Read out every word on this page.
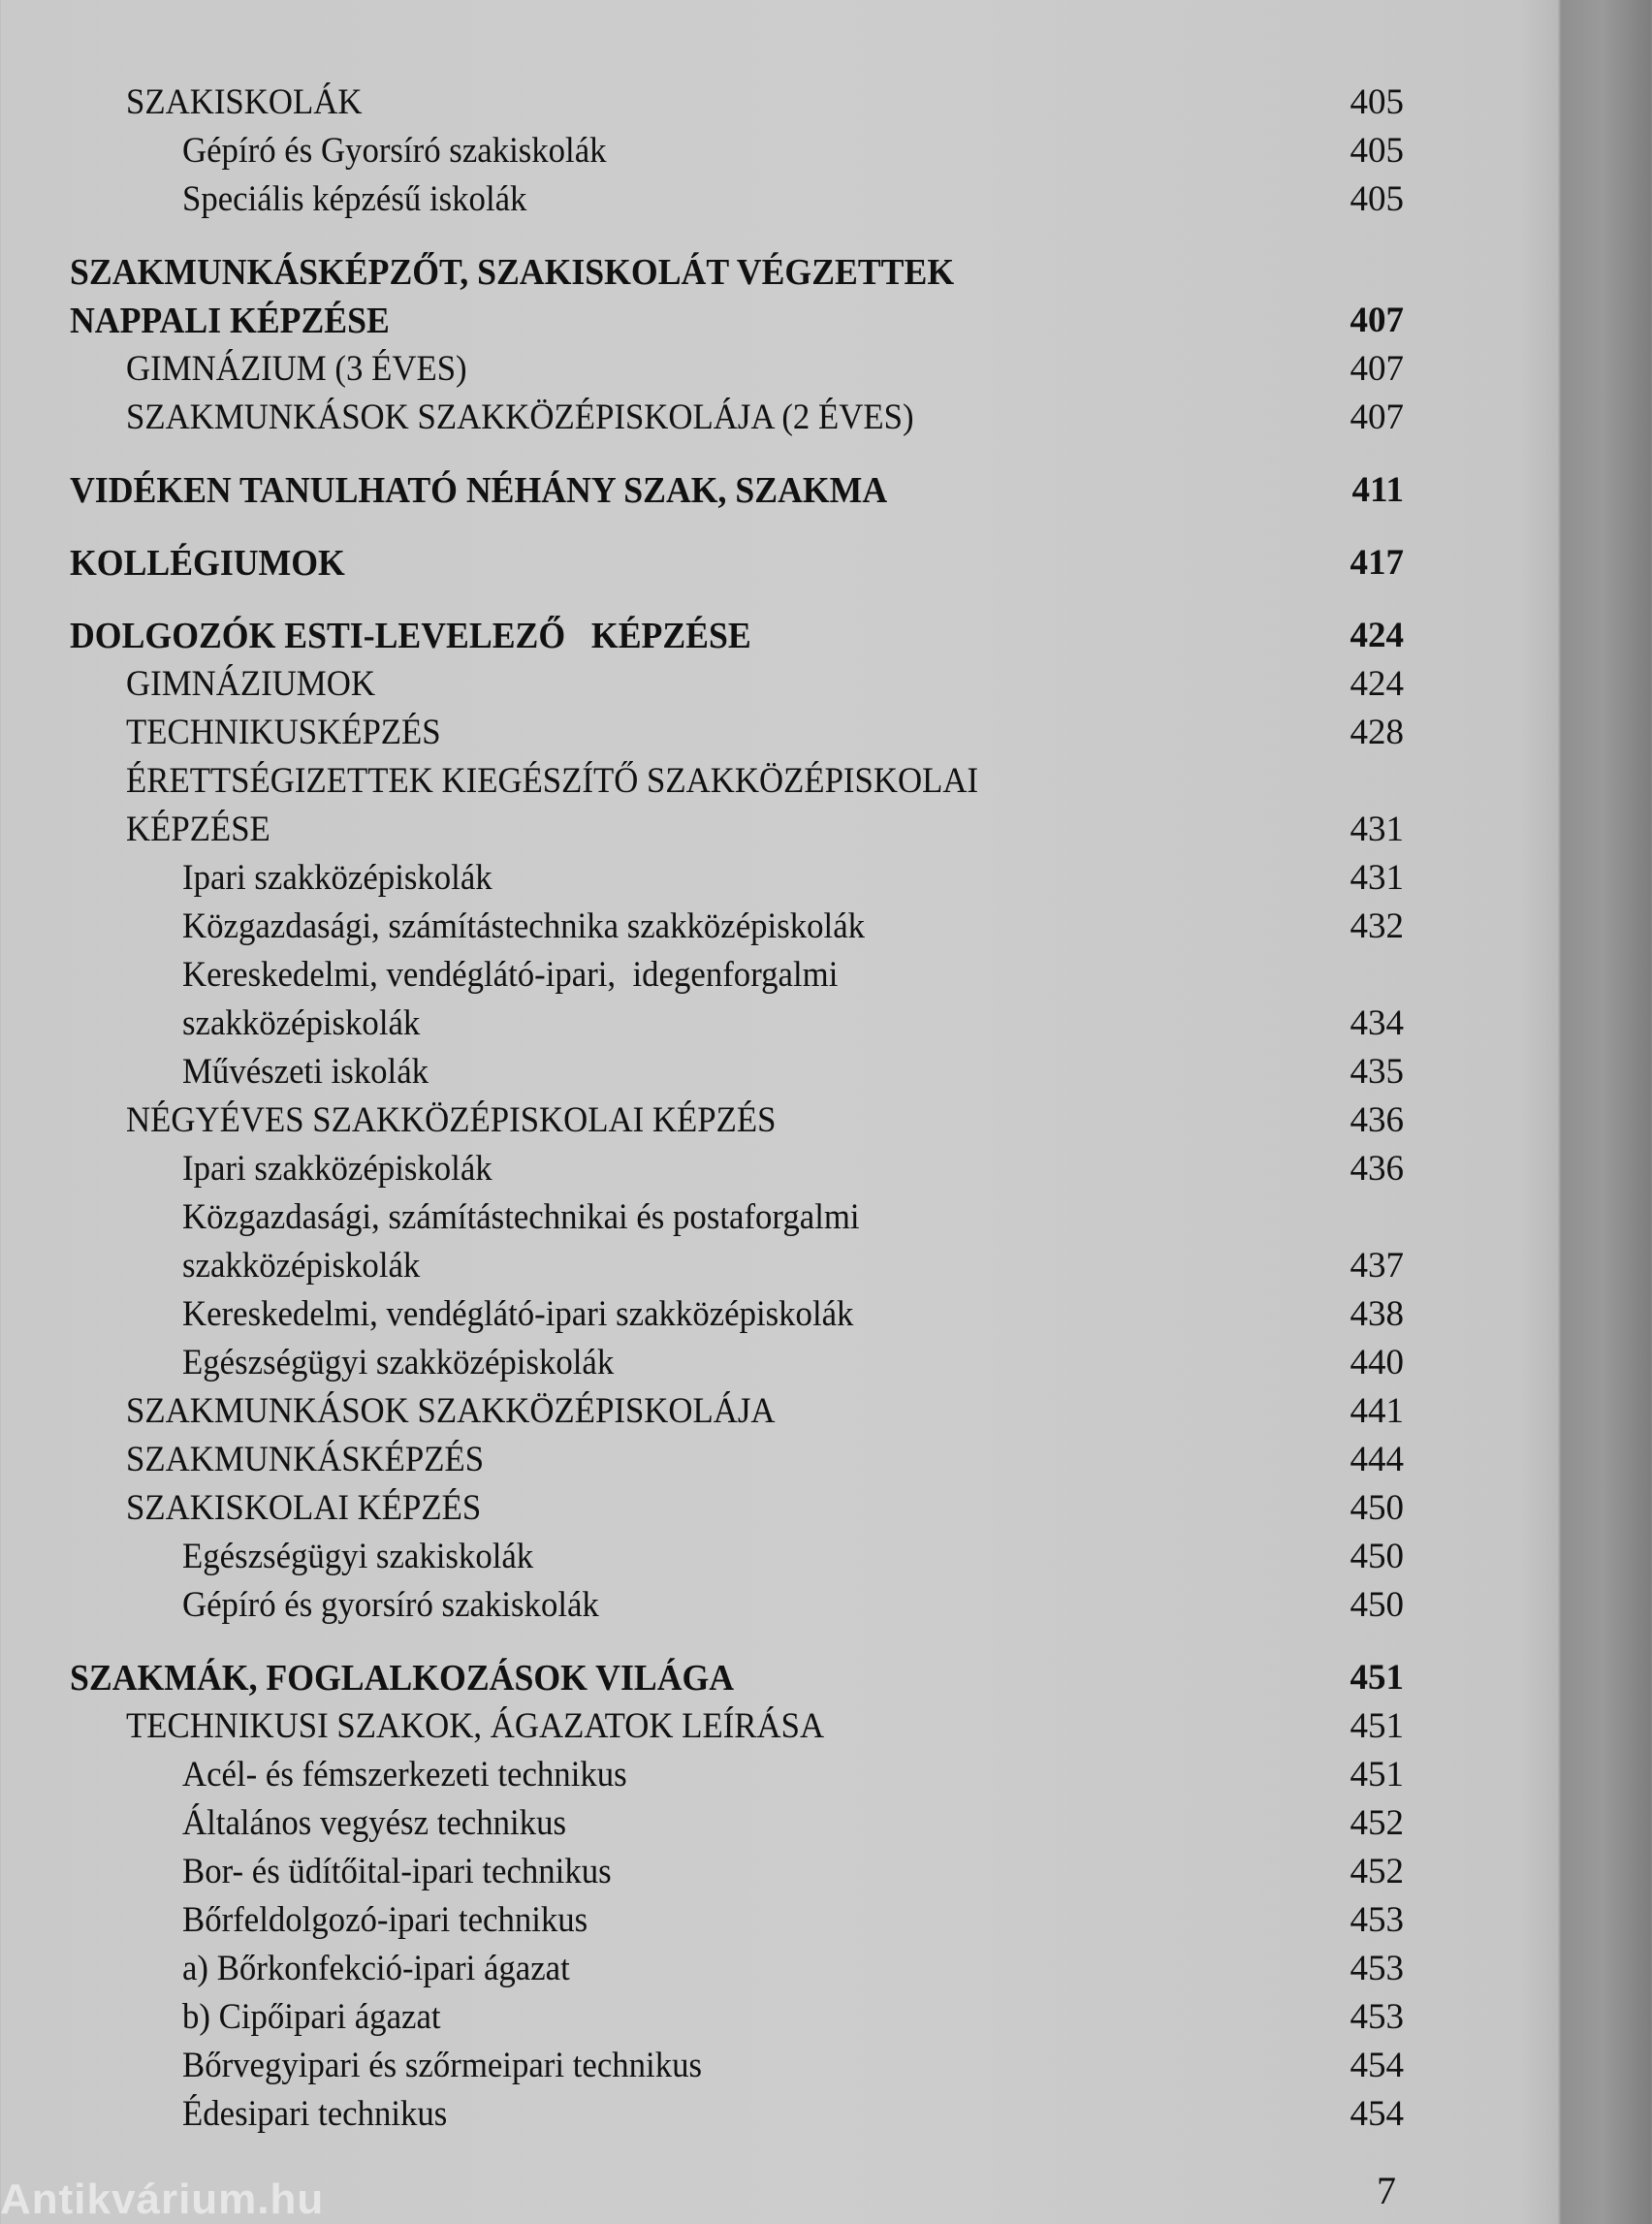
SZAKISKOLÁK	405
Gépíró és Gyorsíró szakiskolák	405
Speciális képzésű iskolák	405
SZAKMUNKÁSKÉPZŐT, SZAKISKOLÁT VÉGZETTEK
NAPPALI KÉPZÉSE	407
GIMNÁZIUM (3 ÉVES)	407
SZAKMUNKÁSOK SZAKKÖZÉPISKOLÁJA (2 ÉVES)	407
VIDÉKEN TANULHATÓ NÉHÁNY SZAK, SZAKMA	411
KOLLÉGIUMOK	417
DOLGOZÓK ESTI-LEVELEZŐ   KÉPZÉSE	424
GIMNÁZIUMOK	424
TECHNIKUSKÉPZÉS	428
ÉRETTSÉGIZETTEK KIEGÉSZÍTŐ SZAKKÖZÉPISKOLAI
KÉPZÉSE	431
Ipari szakközépiskolák	431
Közgazdasági, számítástechnika szakközépiskolák	432
Kereskedelmi, vendéglátó-ipari,  idegenforgalmi
szakközépiskolák	434
Művészeti iskolák	435
NÉGYÉVES SZAKKÖZÉPISKOLAI KÉPZÉS	436
Ipari szakközépiskolák	436
Közgazdasági, számítástechnikai és postaforgalmi
szakközépiskolák	437
Kereskedelmi, vendéglátó-ipari szakközépiskolák	438
Egészségügyi szakközépiskolák	440
SZAKMUNKÁSOK SZAKKÖZÉPISKOLÁJA	441
SZAKMUNKÁSKÉPZÉS	444
SZAKISKOLAI KÉPZÉS	450
Egészségügyi szakiskolák	450
Gépíró és gyorsíró szakiskolák	450
SZAKMÁK, FOGLALKOZÁSOK VILÁGA	451
TECHNIKUSI SZAKOK, ÁGAZATOK LEÍRÁSA	451
Acél- és fémszerkezeti technikus	451
Általános vegyész technikus	452
Bor- és üdítőital-ipari technikus	452
Bőrfeldolgozó-ipari technikus	453
a) Bőrkonfekció-ipari ágazat	453
b) Cipőipari ágazat	453
Bőrvegyipari és szőrmeipari technikus	454
Édesipari technikus	454
Antikvárium.hu	7
